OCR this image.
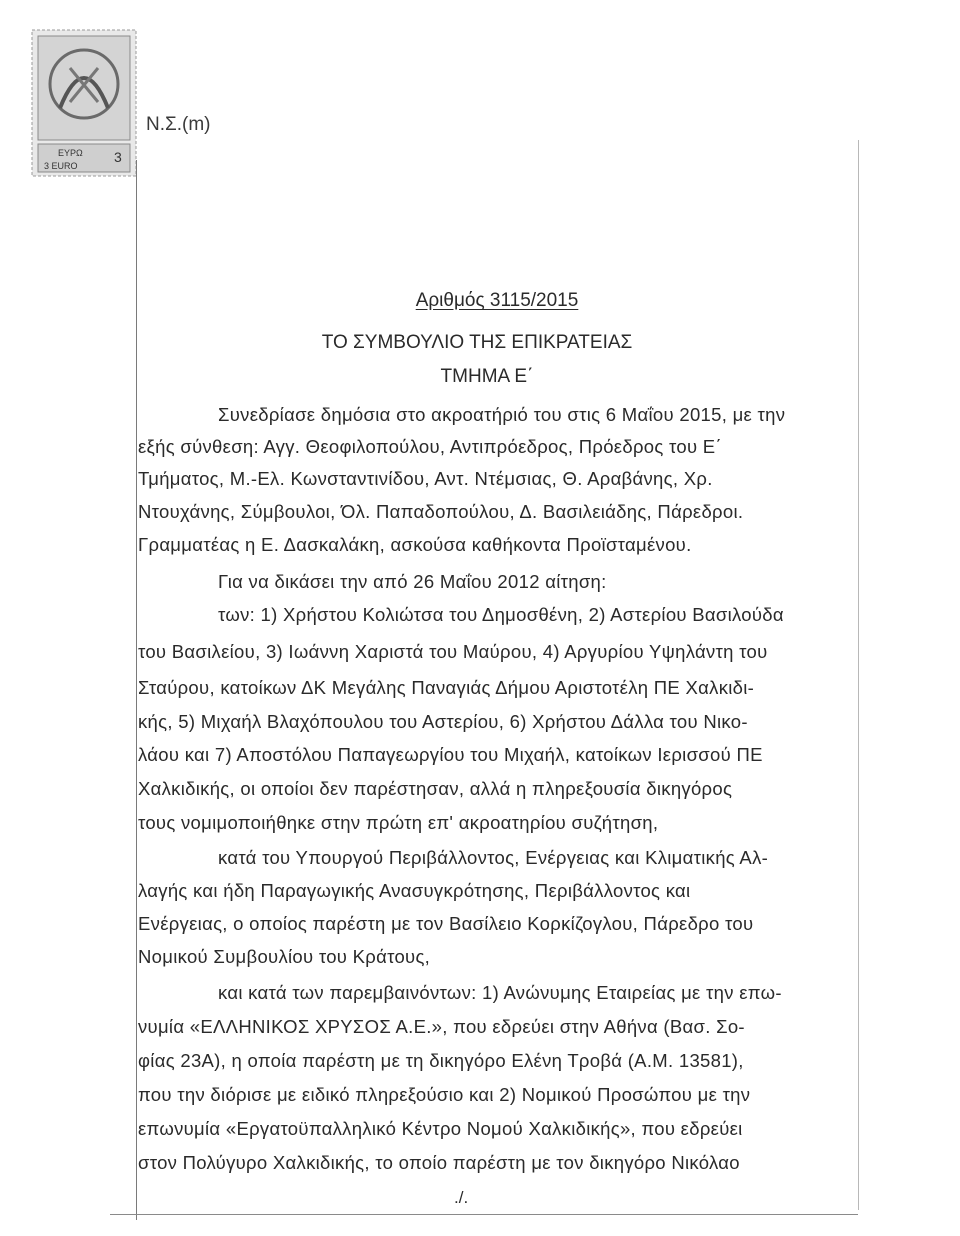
ΕΥΡΩ 3
3 EURO
Ν.Σ.(m)
Αριθμός 3115/2015
ΤΟ ΣΥΜΒΟΥΛΙΟ ΤΗΣ ΕΠΙΚΡΑΤΕΙΑΣ
ΤΜΗΜΑ Ε΄
Συνεδρίασε δημόσια στο ακροατήριό του στις 6 Μαΐου 2015, με την
εξής σύνθεση: Αγγ. Θεοφιλοπούλου, Αντιπρόεδρος, Πρόεδρος του Ε΄
Τμήματος, Μ.-Ελ. Κωνσταντινίδου, Αντ. Ντέμσιας, Θ. Αραβάνης, Χρ.
Ντουχάνης, Σύμβουλοι, Όλ. Παπαδοπούλου, Δ. Βασιλειάδης, Πάρεδροι.
Γραμματέας η Ε. Δασκαλάκη, ασκούσα καθήκοντα Προϊσταμένου.
Για να δικάσει την από 26 Μαΐου 2012 αίτηση:
των: 1) Χρήστου Κολιώτσα του Δημοσθένη, 2) Αστερίου Βασιλούδα
του Βασιλείου, 3) Ιωάννη Χαριστά του Μαύρου, 4) Αργυρίου Υψηλάντη του
Σταύρου, κατοίκων ΔΚ Μεγάλης Παναγιάς Δήμου Αριστοτέλη ΠΕ Χαλκιδι-
κής, 5) Μιχαήλ Βλαχόπουλου του Αστερίου, 6) Χρήστου Δάλλα του Νικο-
λάου και 7) Αποστόλου Παπαγεωργίου του Μιχαήλ, κατοίκων Ιερισσού ΠΕ
Χαλκιδικής, οι οποίοι δεν παρέστησαν, αλλά η πληρεξουσία δικηγόρος
τους νομιμοποιήθηκε στην πρώτη επ' ακροατηρίου συζήτηση,
κατά του Υπουργού Περιβάλλοντος, Ενέργειας και Κλιματικής Αλ-
λαγής και ήδη Παραγωγικής Ανασυγκρότησης, Περιβάλλοντος και
Ενέργειας, ο οποίος παρέστη με τον Βασίλειο Κορκίζογλου, Πάρεδρο του
Νομικού Συμβουλίου του Κράτους,
και κατά των παρεμβαινόντων: 1) Ανώνυμης Εταιρείας με την επω-
νυμία «ΕΛΛΗΝΙΚΟΣ ΧΡΥΣΟΣ Α.Ε.», που εδρεύει στην Αθήνα (Βασ. Σο-
φίας 23Α), η οποία παρέστη με τη δικηγόρο Ελένη Τροβά (Α.Μ. 13581),
που την διόρισε με ειδικό πληρεξούσιο και 2) Νομικού Προσώπου με την
επωνυμία «Εργατοϋπαλληλικό Κέντρο Νομού Χαλκιδικής», που εδρεύει
στον Πολύγυρο Χαλκιδικής, το οποίο παρέστη με τον δικηγόρο Νικόλαο
./.
